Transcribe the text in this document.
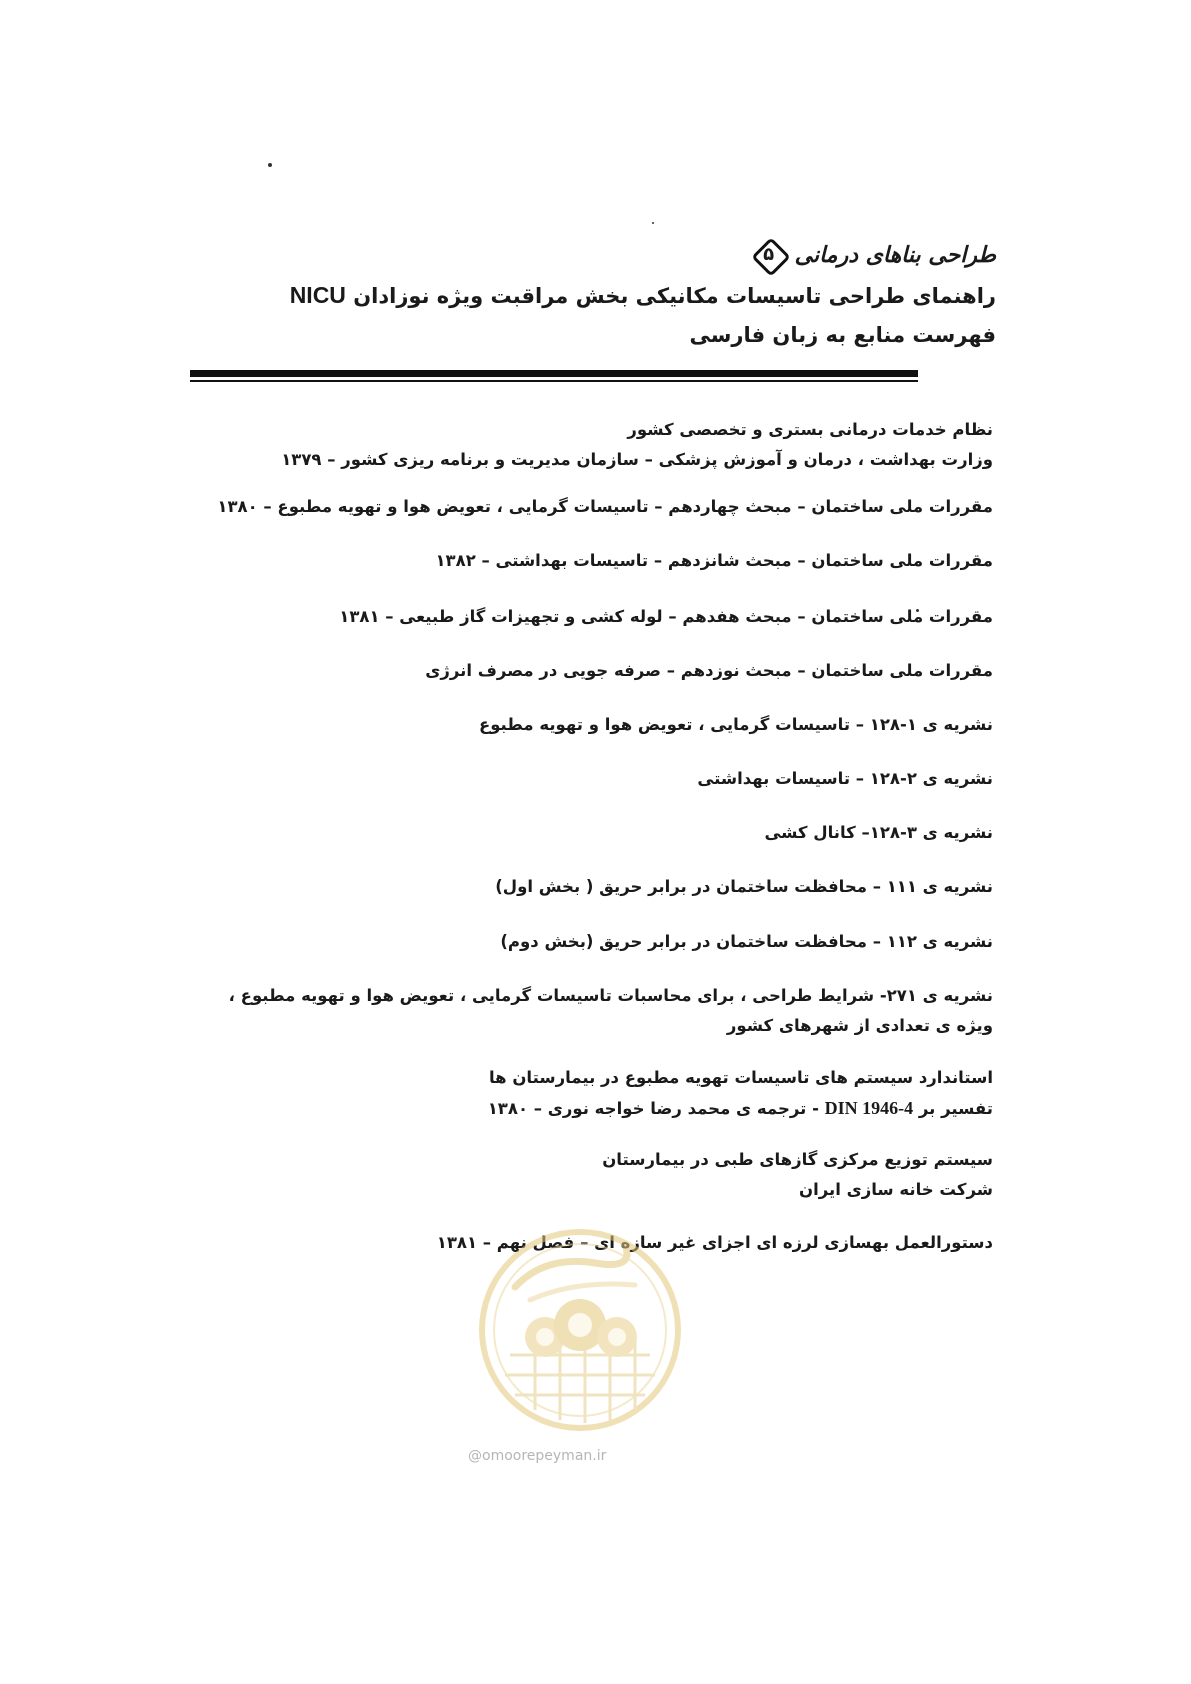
طراحی بناهای درمانی
۵
راهنمای طراحی تاسیسات مکانیکی بخش مراقبت ویژه نوزادان NICU
فهرست منابع به زبان فارسی
نظام خدمات درمانی بستری و تخصصی کشور
وزارت بهداشت ، درمان و آموزش پزشکی – سازمان مدیریت و برنامه ریزی کشور – ۱۳۷۹
مقررات ملی ساختمان – مبحث چهاردهم – تاسیسات گرمایی ، تعویض هوا و تهویه مطبوع – ۱۳۸۰
مقررات ملی ساختمان – مبحث شانزدهم – تاسیسات بهداشتی – ۱۳۸۲
مقررات ملی ساختمان – مبحث هفدهم – لوله کشی و تجهیزات گاز طبیعی – ۱۳۸۱
مقررات ملی ساختمان – مبحث نوزدهم – صرفه جویی در مصرف انرژی
نشریه ی ۱-۱۲۸ – تاسیسات گرمایی ، تعویض هوا و تهویه مطبوع
نشریه ی ۲-۱۲۸ – تاسیسات بهداشتی
نشریه ی ۳-۱۲۸– کانال کشی
نشریه ی ۱۱۱ – محافظت ساختمان در برابر حریق ( بخش اول)
نشریه ی ۱۱۲ – محافظت ساختمان در برابر حریق (بخش دوم)
نشریه ی ۲۷۱- شرایط طراحی ، برای محاسبات تاسیسات گرمایی ، تعویض هوا و تهویه مطبوع ،
ویژه ی تعدادی از شهرهای کشور
استاندارد سیستم های تاسیسات تهویه مطبوع در بیمارستان ها
تفسیر بر DIN 1946-4 - ترجمه ی محمد رضا خواجه نوری – ۱۳۸۰
سیستم توزیع مرکزی گازهای طبی در بیمارستان
شرکت خانه سازی ایران
دستورالعمل بهسازی لرزه ای اجزای غیر سازه ای – فصل نهم – ۱۳۸۱
@omoorepeyman.ir
